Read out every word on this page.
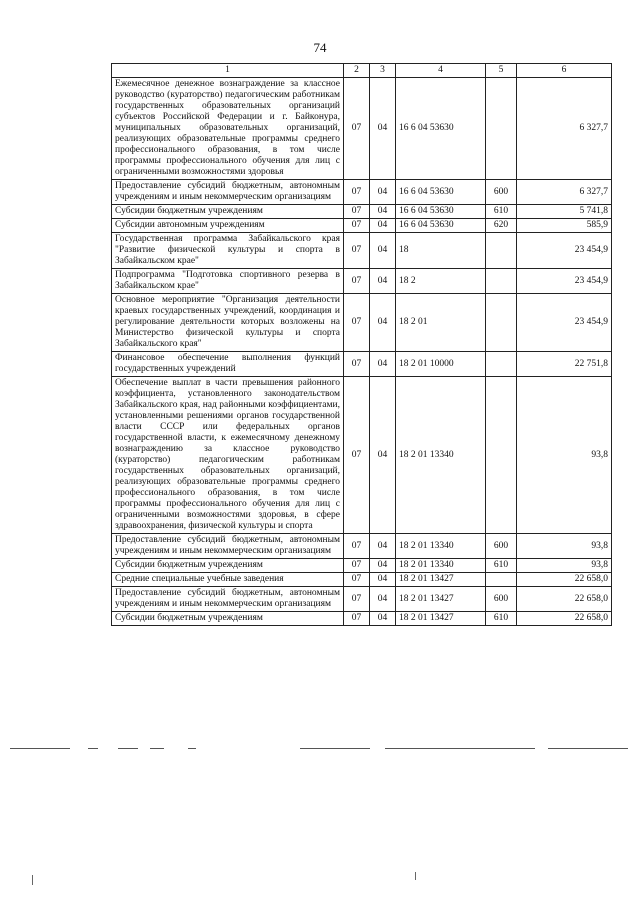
74
1	2	3	4	5	6
Ежемесячное денежное вознаграждение за классное руководство (кураторство) педагогическим работникам государственных образовательных организаций субъектов Российской Федерации и г. Байконура, муниципальных образовательных организаций, реализующих образовательные программы среднего профессионального образования, в том числе программы профессионального обучения для лиц с ограниченными возможностями здоровья	07	04	16 6 04 53630		6 327,7
Предоставление субсидий бюджетным, автономным учреждениям и иным некоммерческим организациям	07	04	16 6 04 53630	600	6 327,7
Субсидии бюджетным учреждениям	07	04	16 6 04 53630	610	5 741,8
Субсидии автономным учреждениям	07	04	16 6 04 53630	620	585,9
Государственная программа Забайкальского края "Развитие физической культуры и спорта в Забайкальском крае"	07	04	18		23 454,9
Подпрограмма "Подготовка спортивного резерва в Забайкальском крае"	07	04	18 2		23 454,9
Основное мероприятие "Организация деятельности краевых государственных учреждений, координация и регулирование деятельности которых возложены на Министерство физической культуры и спорта Забайкальского края"	07	04	18 2 01		23 454,9
Финансовое обеспечение выполнения функций государственных учреждений	07	04	18 2 01 10000		22 751,8
Обеспечение выплат в части превышения районного коэффициента, установленного законодательством Забайкальского края, над районными коэффициентами, установленными решениями органов государственной власти СССР или федеральных органов государственной власти, к ежемесячному денежному вознаграждению за классное руководство (кураторство) педагогическим работникам государственных образовательных организаций, реализующих образовательные программы среднего профессионального образования, в том числе программы профессионального обучения для лиц с ограниченными возможностями здоровья, в сфере здравоохранения, физической культуры и спорта	07	04	18 2 01 13340		93,8
Предоставление субсидий бюджетным, автономным учреждениям и иным некоммерческим организациям	07	04	18 2 01 13340	600	93,8
Субсидии бюджетным учреждениям	07	04	18 2 01 13340	610	93,8
Средние специальные учебные заведения	07	04	18 2 01 13427		22 658,0
Предоставление субсидий бюджетным, автономным учреждениям и иным некоммерческим организациям	07	04	18 2 01 13427	600	22 658,0
Субсидии бюджетным учреждениям	07	04	18 2 01 13427	610	22 658,0
